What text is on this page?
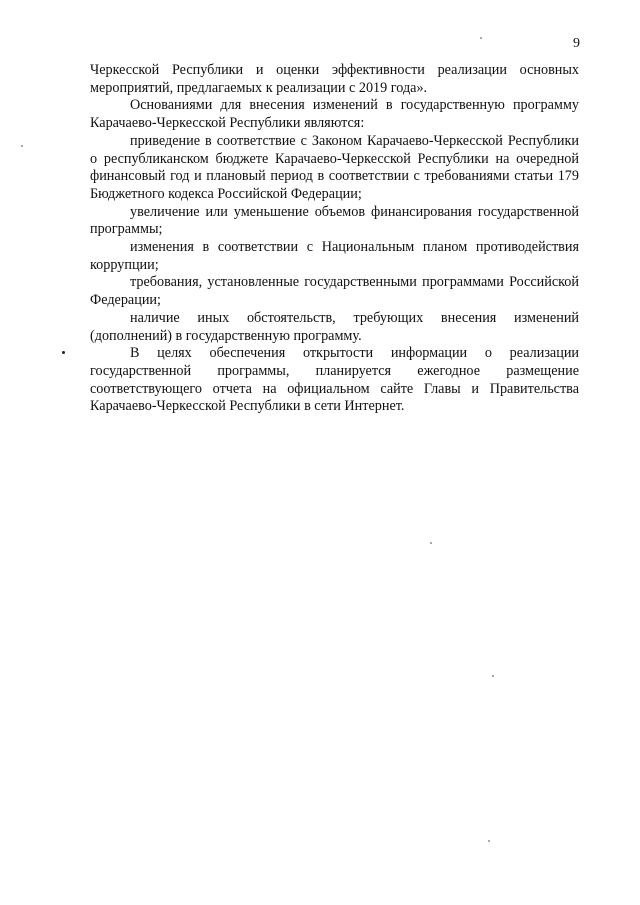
9

Черкесской Республики и оценки эффективности реализации основных мероприятий, предлагаемых к реализации с 2019 года».

Основаниями для внесения изменений в государственную программу Карачаево-Черкесской Республики являются:

приведение в соответствие с Законом Карачаево-Черкесской Республики о республиканском бюджете Карачаево-Черкесской Республики на очередной финансовый год и плановый период в соответствии с требованиями статьи 179 Бюджетного кодекса Российской Федерации;

увеличение или уменьшение объемов финансирования государственной программы;

изменения в соответствии с Национальным планом противодействия коррупции;

требования, установленные государственными программами Российской Федерации;

наличие иных обстоятельств, требующих внесения изменений (дополнений) в государственную программу.

В целях обеспечения открытости информации о реализации государственной программы, планируется ежегодное размещение соответствующего отчета на официальном сайте Главы и Правительства Карачаево-Черкесской Республики в сети Интернет.
